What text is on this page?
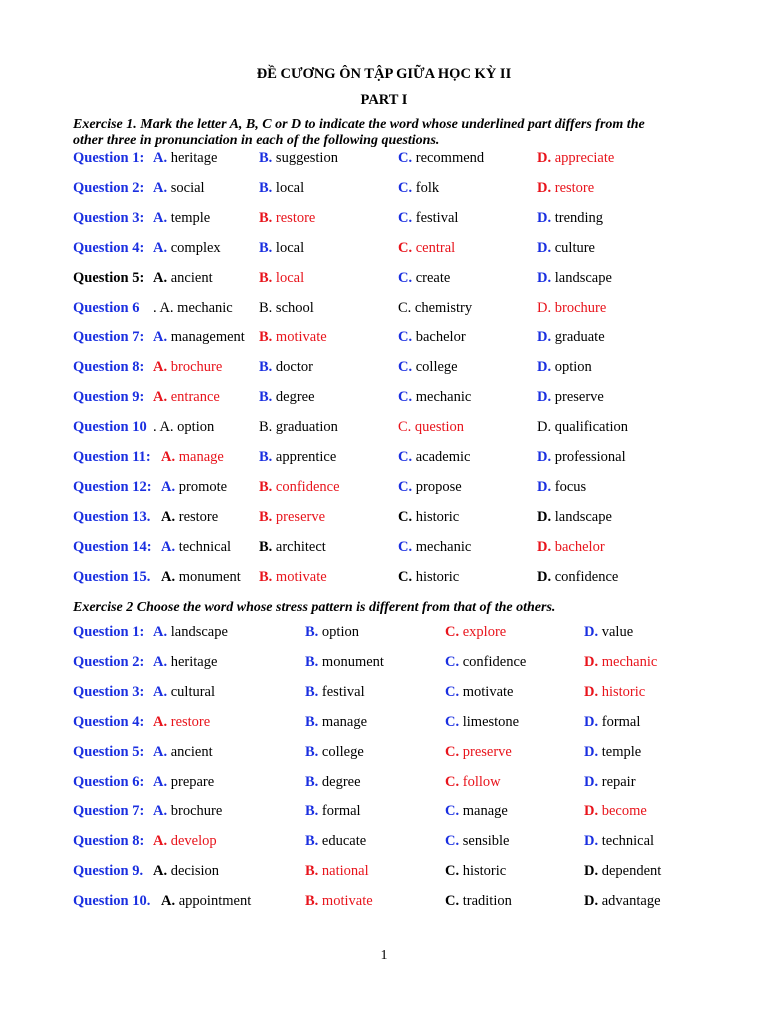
ĐỀ CƯƠNG ÔN TẬP GIỮA HỌC KỲ II
PART I
Exercise 1. Mark the letter A, B, C or D to indicate the word whose underlined part differs from the
other three in pronunciation in each of the following questions.
Question 1: A. heritage	B. suggestion	C. recommend	D. appreciate
Question 2: A. social	B. local	C. folk	D. restore
Question 3: A. temple	B. restore	C. festival	D. trending
Question 4: A. complex	B. local	C. central	D. culture
Question 5: A. ancient	B. local	C. create	D. landscape
Question 6 . A. mechanic B. school	C. chemistry	D. brochure
Question 7: A. management B. motivate	C. bachelor	D. graduate
Question 8: A. brochure	B. doctor	C. college	D. option
Question 9: A. entrance	B. degree	C. mechanic	D. preserve
Question 10 . A. option	B. graduation	C. question	D. qualification
Question 11: A. manage B. apprentice	C. academic	D. professional
Question 12: A. promote B. confidence	C. propose	D. focus
Question 13. A. restore	B. preserve	C. historic	D. landscape
Question 14: A. technical B. architect	C. mechanic	D. bachelor
Question 15. A. monument B. motivate	C. historic	D. confidence
Exercise 2 Choose the word whose stress pattern is different from that of the others.
Question 1: A. landscape	B. option	C. explore	D. value
Question 2: A. heritage	B. monument	C. confidence	D. mechanic
Question 3: A. cultural	B. festival	C. motivate	D. historic
Question 4: A. restore	B. manage	C. limestone	D. formal
Question 5: A. ancient	B. college	C. preserve	D. temple
Question 6: A. prepare	B. degree	C. follow	D. repair
Question 7: A. brochure	B. formal	C. manage	D. become
Question 8: A. develop	B. educate	C. sensible	D. technical
Question 9. A. decision	B. national	C. historic	D. dependent
Question 10. A. appointment	B. motivate	C. tradition	D. advantage
1
